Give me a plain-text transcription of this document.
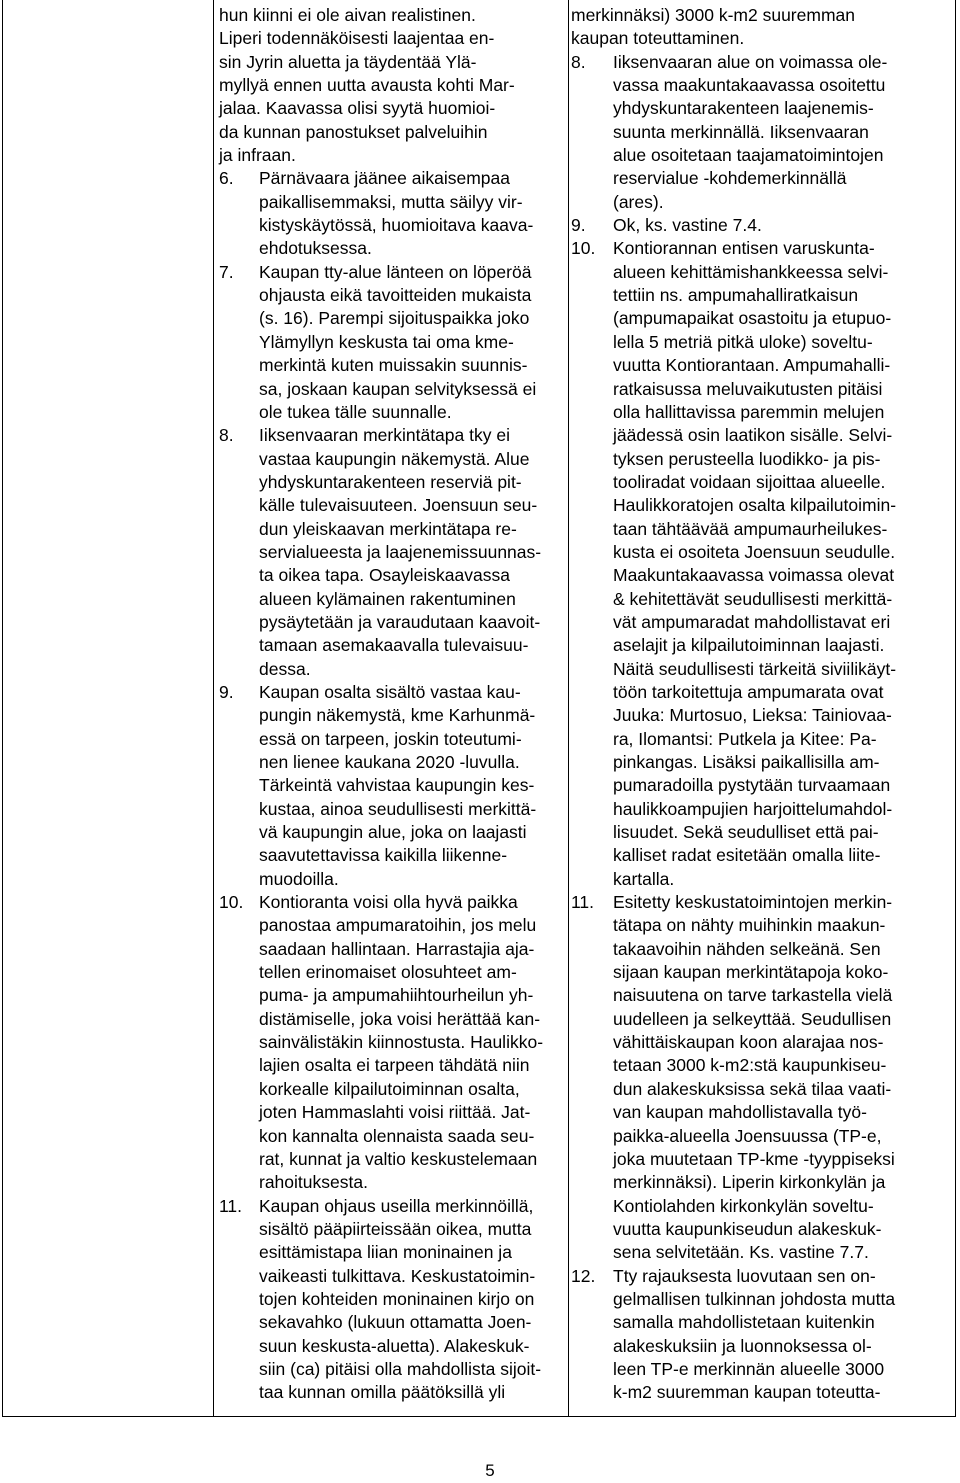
hun kiinni ei ole aivan realistinen.
Liperi todennäköisesti laajentaa en-
sin Jyrin aluetta ja täydentää Ylä-
myllyä ennen uutta avausta kohti Mar-
jalaa. Kaavassa olisi syytä huomioi-
da kunnan panostukset palveluihin
ja infraan.
6. Pärnävaara jäänee aikaisempaa
paikallisemmaksi, mutta säilyy vir-
kistyskäytössä, huomioitava kaava-
ehdotuksessa.
7. Kaupan tty-alue länteen on löperöä
ohjausta eikä tavoitteiden mukaista
(s. 16). Parempi sijoituspaikka joko
Ylämyllyn keskusta tai oma kme-
merkintä kuten muissakin suunnis-
sa, joskaan kaupan selvityksessä ei
ole tukea tälle suunnalle.
8. Iiksenvaaran merkintätapa tky ei
vastaa kaupungin näkemystä. Alue
yhdyskuntarakenteen reserviä pit-
källe tulevaisuuteen. Joensuun seu-
dun yleiskaavan merkintätapa re-
servialueesta ja laajenemissuunnas-
ta oikea tapa. Osayleiskaavassa
alueen kylämainen rakentuminen
pysäytetään ja varaudutaan kaavoit-
tamaan asemakaavalla tulevaisuu-
dessa.
9. Kaupan osalta sisältö vastaa kau-
pungin näkemystä, kme Karhunmä-
essä on tarpeen, joskin toteutumi-
nen lienee kaukana 2020 -luvulla.
Tärkeintä vahvistaa kaupungin kes-
kustaa, ainoa seudullisesti merkittä-
vä kaupungin alue, joka on laajasti
saavutettavissa kaikilla liikenne-
muodoilla.
10. Kontioranta voisi olla hyvä paikka
panostaa ampumaratoihin, jos melu
saadaan hallintaan. Harrastajia aja-
tellen erinomaiset olosuhteet am-
puma- ja ampumahiihtourheilun yh-
distämiselle, joka voisi herättää kan-
sainvälistäkin kiinnostusta. Haulikko-
lajien osalta ei tarpeen tähdätä niin
korkealle kilpailutoiminnan osalta,
joten Hammaslahti voisi riittää. Jat-
kon kannalta olennaista saada seu-
rat, kunnat ja valtio keskustelemaan
rahoituksesta.
11. Kaupan ohjaus useilla merkinnöillä,
sisältö pääpiirteissään oikea, mutta
esittämistapa liian moninainen ja
vaikeasti tulkittava. Keskustatoimin-
tojen kohteiden moninainen kirjo on
sekavahko (lukuun ottamatta Joen-
suun keskusta-aluetta). Alakeskuk-
siin (ca) pitäisi olla mahdollista sijoit-
taa kunnan omilla päätöksillä yli
merkinnäksi) 3000 k-m2 suuremman
kaupan toteuttaminen.
8. Iiksenvaaran alue on voimassa ole-
vassa maakuntakaavassa osoitettu
yhdyskuntarakenteen laajenemis-
suunta merkinnällä. Iiksenvaaran
alue osoitetaan taajamatoimintojen
reservialue -kohdemerkinnällä
(ares).
9. Ok, ks. vastine 7.4.
10. Kontiorannan entisen varuskunta-
alueen kehittämishankkeessa selvi-
tettiin ns. ampumahalliratkaisun
(ampumapaikat osastoitu ja etupuo-
lella 5 metriä pitkä uloke) soveltu-
vuutta Kontiorantaan. Ampumahalli-
ratkaisussa meluvaikutusten pitäisi
olla hallittavissa paremmin melujen
jäädessä osin laatikon sisälle. Selvi-
tyksen perusteella luodikko- ja pis-
tooliradat voidaan sijoittaa alueelle.
Haulikkoratojen osalta kilpailutoimin-
taan tähtäävää ampumaurheilukes-
kusta ei osoiteta Joensuun seudulle.
Maakuntakaavassa voimassa olevat
& kehitettävät seudullisesti merkittä-
vät ampumaradat mahdollistavat eri
aselajit ja kilpailutoiminnan laajasti.
Näitä seudullisesti tärkeitä siviilikäyt-
töön tarkoitettuja ampumarata ovat
Juuka: Murtosuo, Lieksa: Tainiovaa-
ra, Ilomantsi: Putkela ja Kitee: Pa-
pinkangas. Lisäksi paikallisilla am-
pumaradoilla pystytään turvaamaan
haulikkoampujien harjoittelumahdol-
lisuudet. Sekä seudulliset että pai-
kalliset radat esitetään omalla liite-
kartalla.
11. Esitetty keskustatoimintojen merkin-
tätapa on nähty muihinkin maakun-
takaavoihin nähden selkeänä. Sen
sijaan kaupan merkintätapoja koko-
naisuutena on tarve tarkastella vielä
uudelleen ja selkeyttää. Seudullisen
vähittäiskaupan koon alarajaa nos-
tetaan 3000 k-m2:stä kaupunkiseu-
dun alakeskuksissa sekä tilaa vaati-
van kaupan mahdollistavalla työ-
paikka-alueella Joensuussa (TP-e,
joka muutetaan TP-kme -tyyppiseksi
merkinnäksi). Liperin kirkonkylän ja
Kontiolahden kirkonkylän soveltu-
vuutta kaupunkiseudun alakeskuk-
sena selvitetään. Ks. vastine 7.7.
12. Tty rajauksesta luovutaan sen on-
gelmallisen tulkinnan johdosta mutta
samalla mahdollistetaan kuitenkin
alakeskuksiin ja luonnoksessa ol-
leen TP-e merkinnän alueelle 3000
k-m2 suuremman kaupan toteutta-
5
